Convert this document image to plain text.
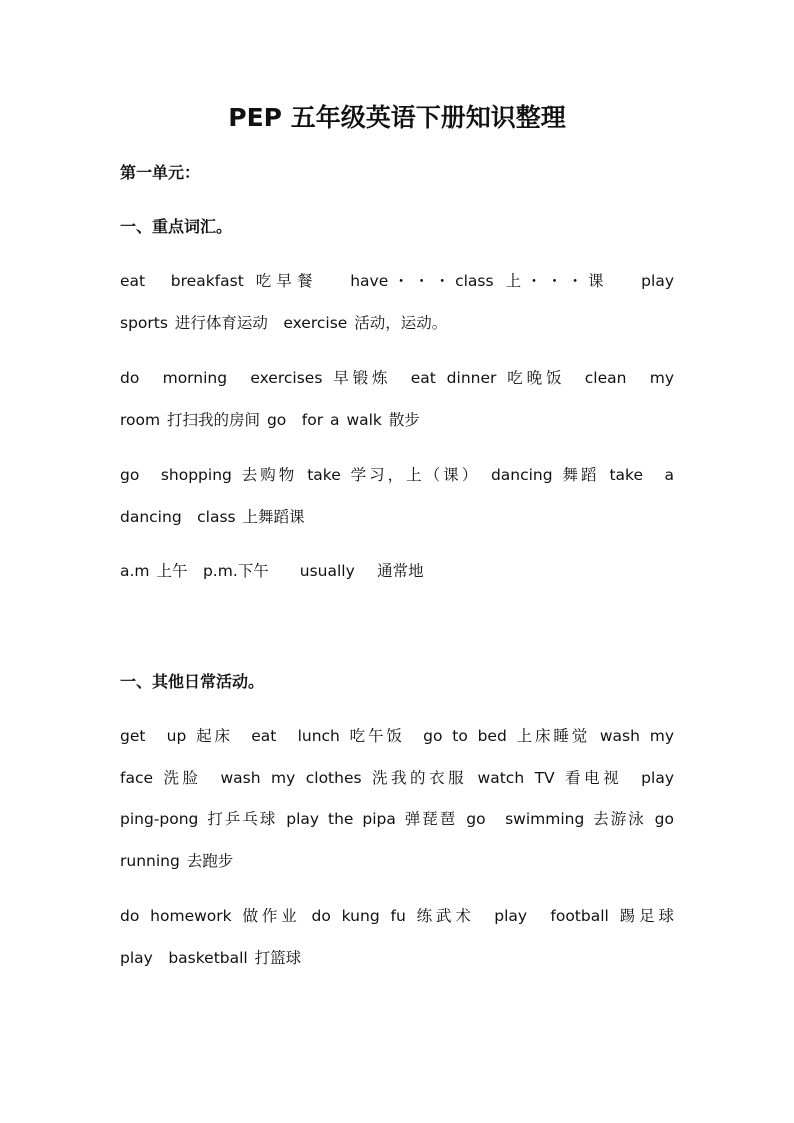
PEP 五年级英语下册知识整理
第一单元：
一、重点词汇。

eat　breakfast 吃早餐　 have・・・class 上・・・课　 play
sports 进行体育运动　exercise 活动，运动。

do　morning　exercises 早锻炼　eat dinner 吃晚饭　clean　my
room 打扫我的房间 go　for a walk 散步

go　shopping 去购物 take 学习，上（课）　dancing 舞蹈 take　a
dancing　class 上舞蹈课

a.m 上午　p.m.下午　　usually　 通常地

一、其他日常活动。

get　up 起床　eat　lunch 吃午饭　go to bed 上床睡觉 wash my
face 洗脸　wash my clothes 洗我的衣服 watch TV 看电视　play
ping-pong 打乒乓球 play the pipa 弹琵琶 go　swimming 去游泳 go
running 去跑步

do homework 做作业 do kung fu 练武术　play　football 踢足球
play　basketball 打篮球
